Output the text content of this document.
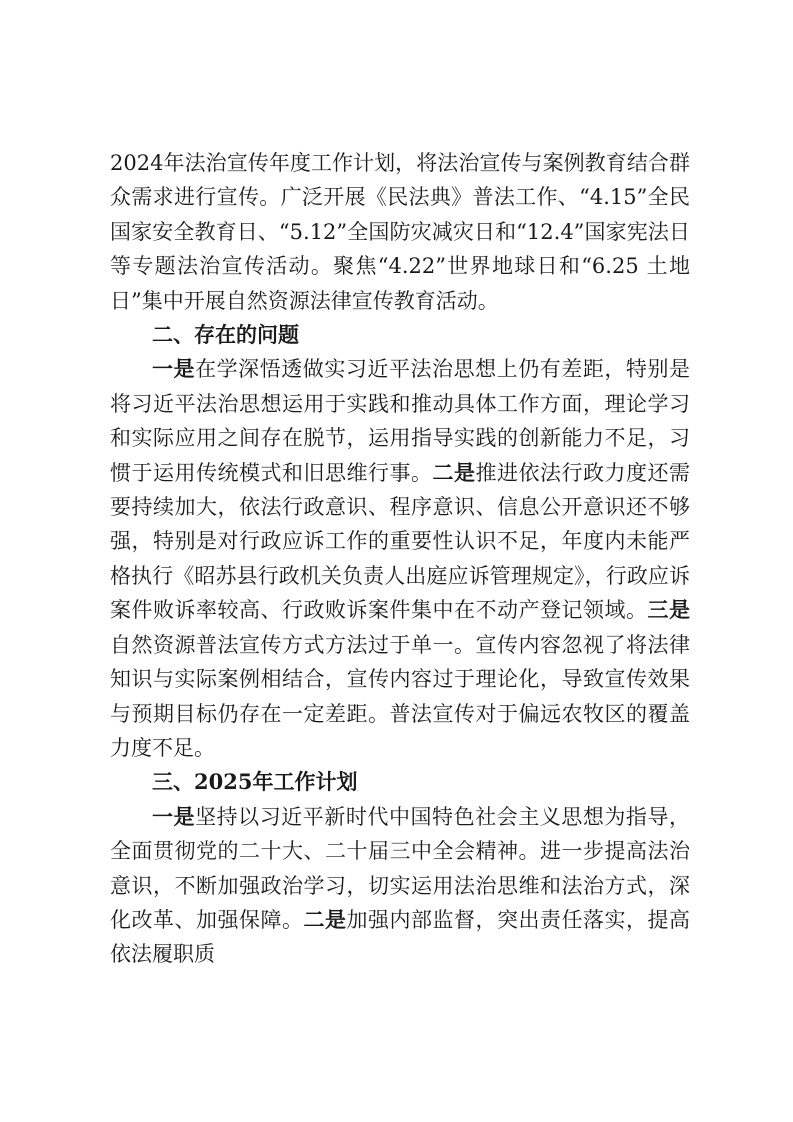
2024年法治宣传年度工作计划，将法治宣传与案例教育结合群众需求进行宣传。广泛开展《民法典》普法工作、“4.15”全民国家安全教育日、“5.12”全国防灾减灾日和“12.4”国家宪法日等专题法治宣传活动。聚焦“4.22”世界地球日和“6.25 土地日”集中开展自然资源法律宣传教育活动。

二、存在的问题

一是在学深悟透做实习近平法治思想上仍有差距，特别是将习近平法治思想运用于实践和推动具体工作方面，理论学习和实际应用之间存在脱节，运用指导实践的创新能力不足，习惯于运用传统模式和旧思维行事。二是推进依法行政力度还需要持续加大，依法行政意识、程序意识、信息公开意识还不够强，特别是对行政应诉工作的重要性认识不足，年度内未能严格执行《昭苏县行政机关负责人出庭应诉管理规定》，行政应诉案件败诉率较高、行政败诉案件集中在不动产登记领域。三是自然资源普法宣传方式方法过于单一。宣传内容忽视了将法律知识与实际案例相结合，宣传内容过于理论化，导致宣传效果与预期目标仍存在一定差距。普法宣传对于偏远农牧区的覆盖力度不足。

三、2025年工作计划

一是坚持以习近平新时代中国特色社会主义思想为指导，全面贯彻党的二十大、二十届三中全会精神。进一步提高法治意识，不断加强政治学习，切实运用法治思维和法治方式，深化改革、加强保障。二是加强内部监督，突出责任落实，提高依法履职质
